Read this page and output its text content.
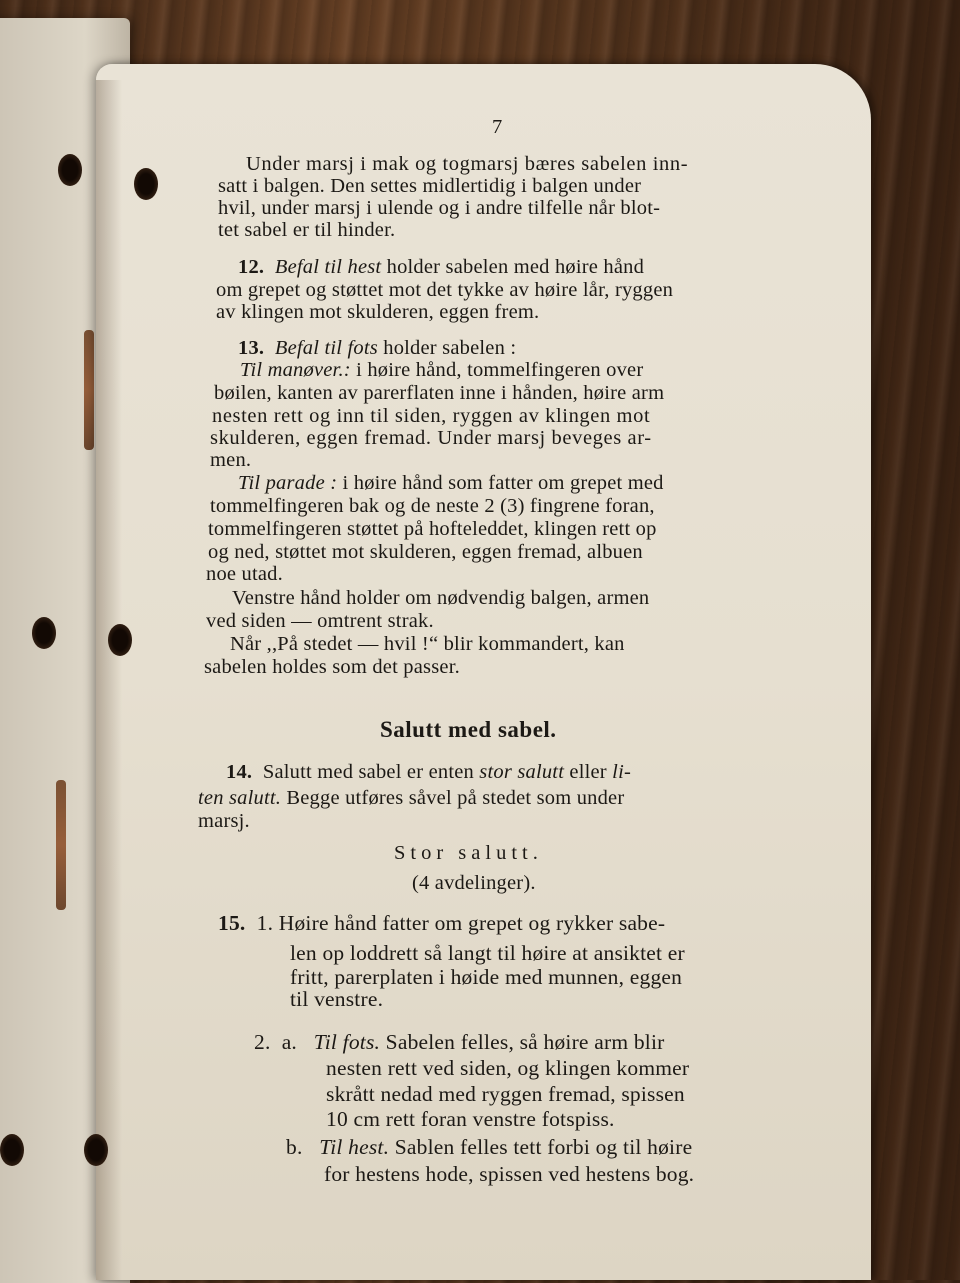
7
Under marsj i mak og togmarsj bæres sabelen inn-
satt i balgen. Den settes midlertidig i balgen under
hvil, under marsj i ulende og i andre tilfelle når blot-
tet sabel er til hinder.
12. Befal til hest holder sabelen med høire hånd
om grepet og støttet mot det tykke av høire lår, ryggen
av klingen mot skulderen, eggen frem.
13. Befal til fots holder sabelen :
Til manøver.: i høire hånd, tommelfingeren over
bøilen, kanten av parerflaten inne i hånden, høire arm
nesten rett og inn til siden, ryggen av klingen mot
skulderen, eggen fremad. Under marsj beveges ar-
men.
Til parade : i høire hånd som fatter om grepet med
tommelfingeren bak og de neste 2 (3) fingrene foran,
tommelfingeren støttet på hofteleddet, klingen rett op
og ned, støttet mot skulderen, eggen fremad, albuen
noe utad.
Venstre hånd holder om nødvendig balgen, armen
ved siden — omtrent strak.
Når ,,På stedet — hvil !“ blir kommandert, kan
sabelen holdes som det passer.
Salutt med sabel.
14. Salutt med sabel er enten stor salutt eller li-
ten salutt. Begge utføres såvel på stedet som under
marsj.
Stor salutt.
(4 avdelinger).
15. 1. Høire hånd fatter om grepet og rykker sabe-
len op loddrett så langt til høire at ansiktet er
fritt, parerplaten i høide med munnen, eggen
til venstre.
2. a. Til fots. Sabelen felles, så høire arm blir
nesten rett ved siden, og klingen kommer
skrått nedad med ryggen fremad, spissen
10 cm rett foran venstre fotspiss.
b. Til hest. Sablen felles tett forbi og til høire
for hestens hode, spissen ved hestens bog.
